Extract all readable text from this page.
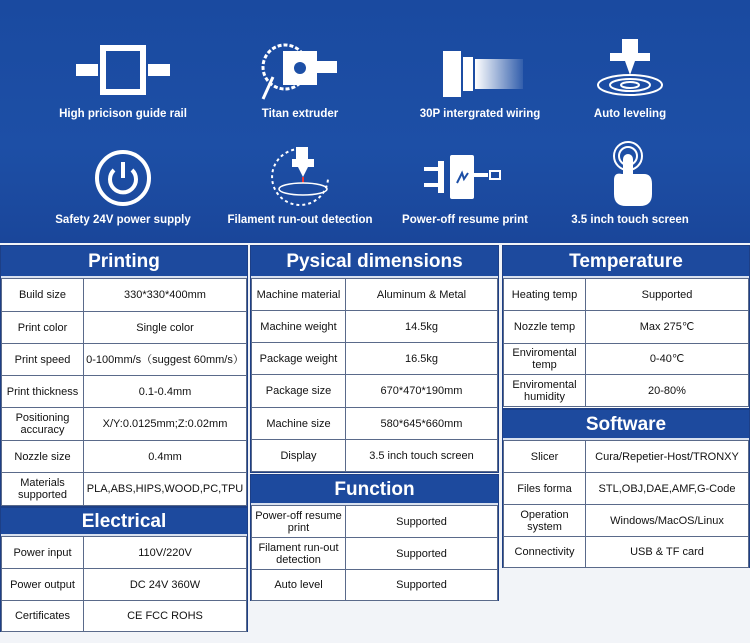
High pricison guide rail	Titan extruder	30P intergrated wiring	Auto leveling
Safety 24V power supply	Filament run-out detection	Power-off resume print	3.5 inch touch screen
Printing
Build size	330*330*400mm
Print color	Single color
Print speed	0-100mm/s（suggest 60mm/s）
Print thickness	0.1-0.4mm
Positioning accuracy	X/Y:0.0125mm;Z:0.02mm
Nozzle size	0.4mm
Materials supported	PLA,ABS,HIPS,WOOD,PC,TPU
Electrical
Power input	110V/220V
Power output	DC 24V 360W
Certificates	CE FCC ROHS
Pysical dimensions
Machine material	Aluminum & Metal
Machine weight	14.5kg
Package weight	16.5kg
Package size	670*470*190mm
Machine size	580*645*660mm
Display	3.5 inch touch screen
Function
Power-off resume print	Supported
Filament run-out detection	Supported
Auto level	Supported
Temperature
Heating temp	Supported
Nozzle temp	Max 275℃
Enviromental temp	0-40℃
Enviromental humidity	20-80%
Software
Slicer	Cura/Repetier-Host/TRONXY
Files forma	STL,OBJ,DAE,AMF,G-Code
Operation system	Windows/MacOS/Linux
Connectivity	USB & TF card
